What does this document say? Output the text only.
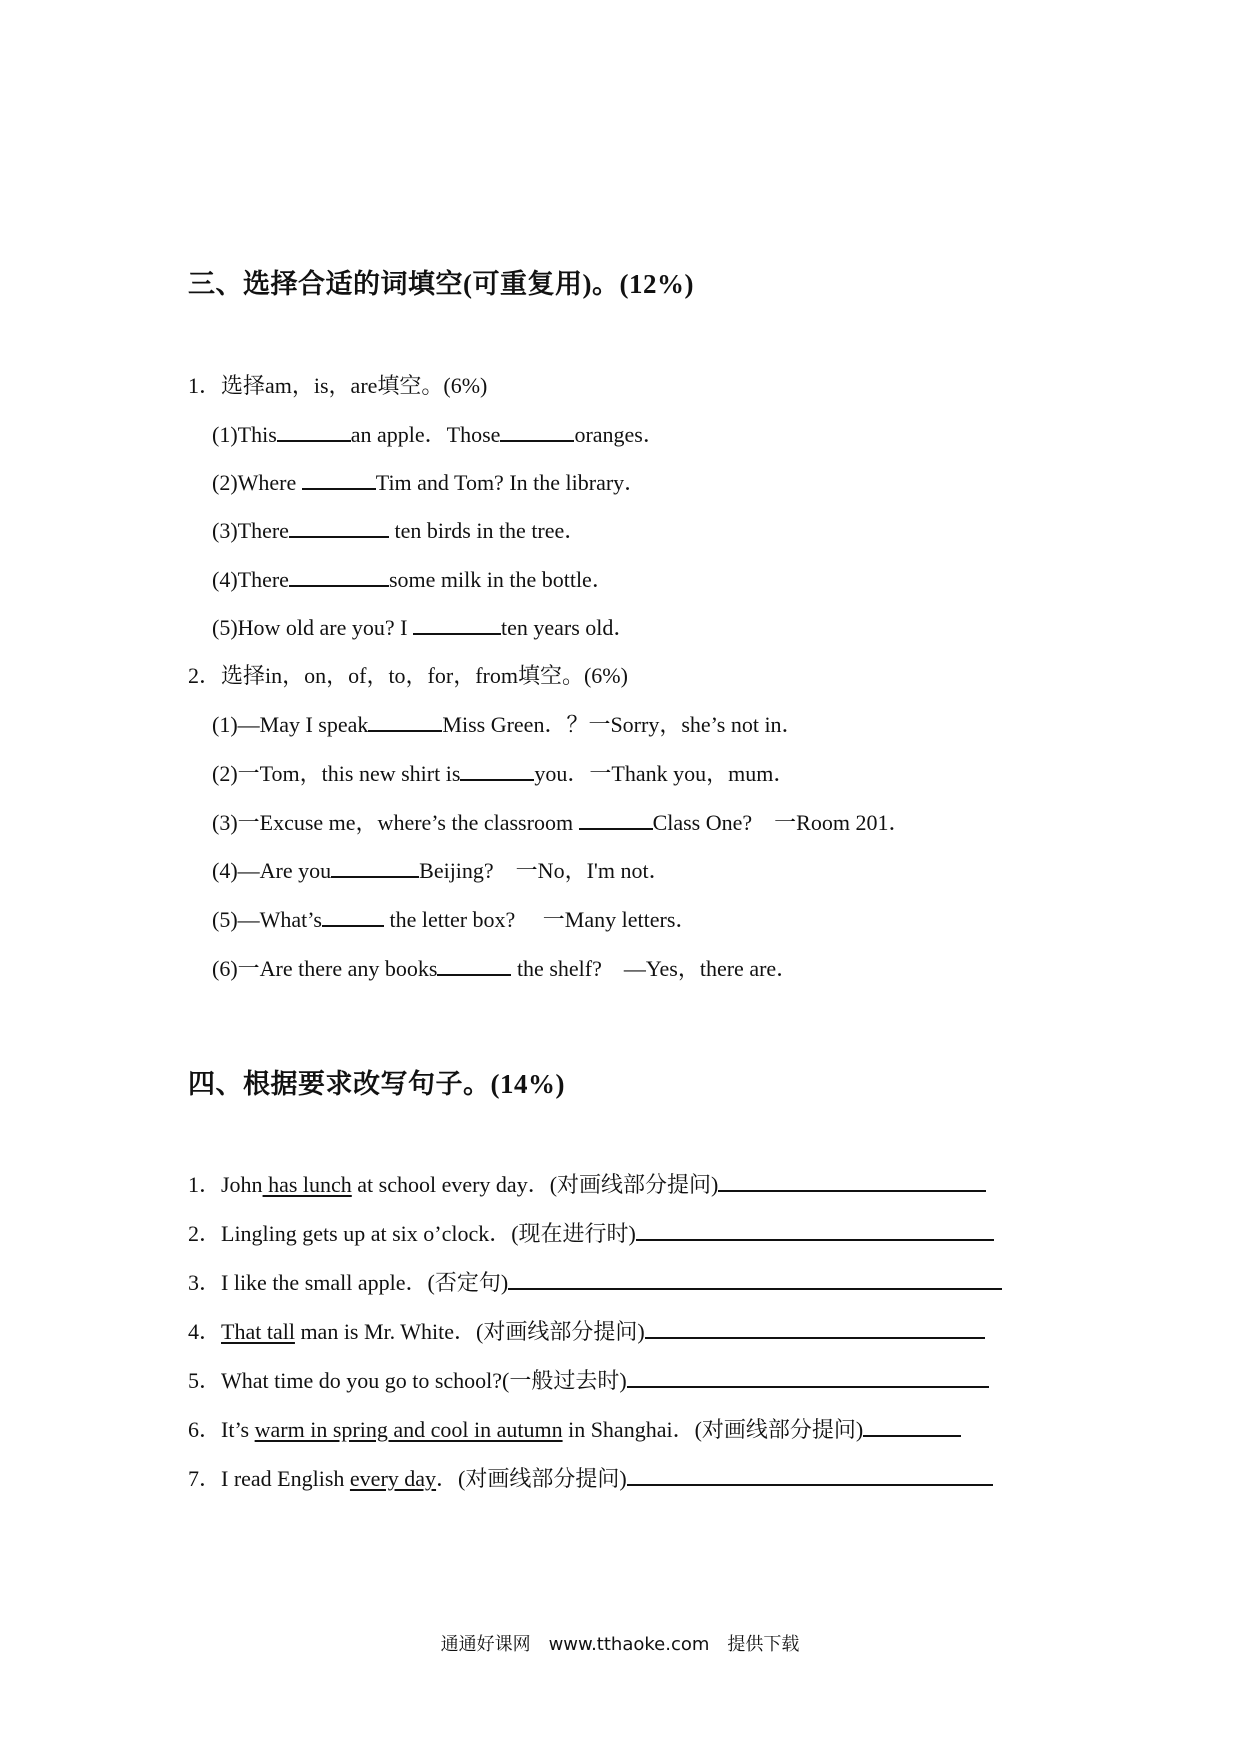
三、选择合适的词填空(可重复用)。(12%)
1．选择am，is，are填空。(6%)
(1)This	an apple．Those	oranges．
(2)Where	Tim and Tom? In the library．
(3)There	ten birds in the tree．
(4)There	some milk in the bottle．
(5)How old are you? I	ten years old．
2．选择in，on，of，to，for，from填空。(6%)
(1)—May I speak	Miss Green．？一Sorry，she’s not in．
(2)一Tom，this new shirt is	you．一Thank you，mum．
(3)一Excuse me，where’s the classroom	Class One?　一Room 201．
(4)—Are you	Beijing?　一No，I'm not．
(5)—What’s	the letter box?　 一Many letters．
(6)一Are there any books	the shelf?　—Yes，there are．
四、根据要求改写句子。(14%)
1．John has lunch at school every day．(对画线部分提问)
2．Lingling gets up at six o’clock．(现在进行时)
3．I like the small apple．(否定句)
4．That tall man is Mr. White．(对画线部分提问)
5．What time do you go to school?(一般过去时)
6．It’s warm in spring and cool in autumn in Shanghai．(对画线部分提问)
7．I read English every day．(对画线部分提问)
通通好课网　www.tthaoke.com　提供下载
